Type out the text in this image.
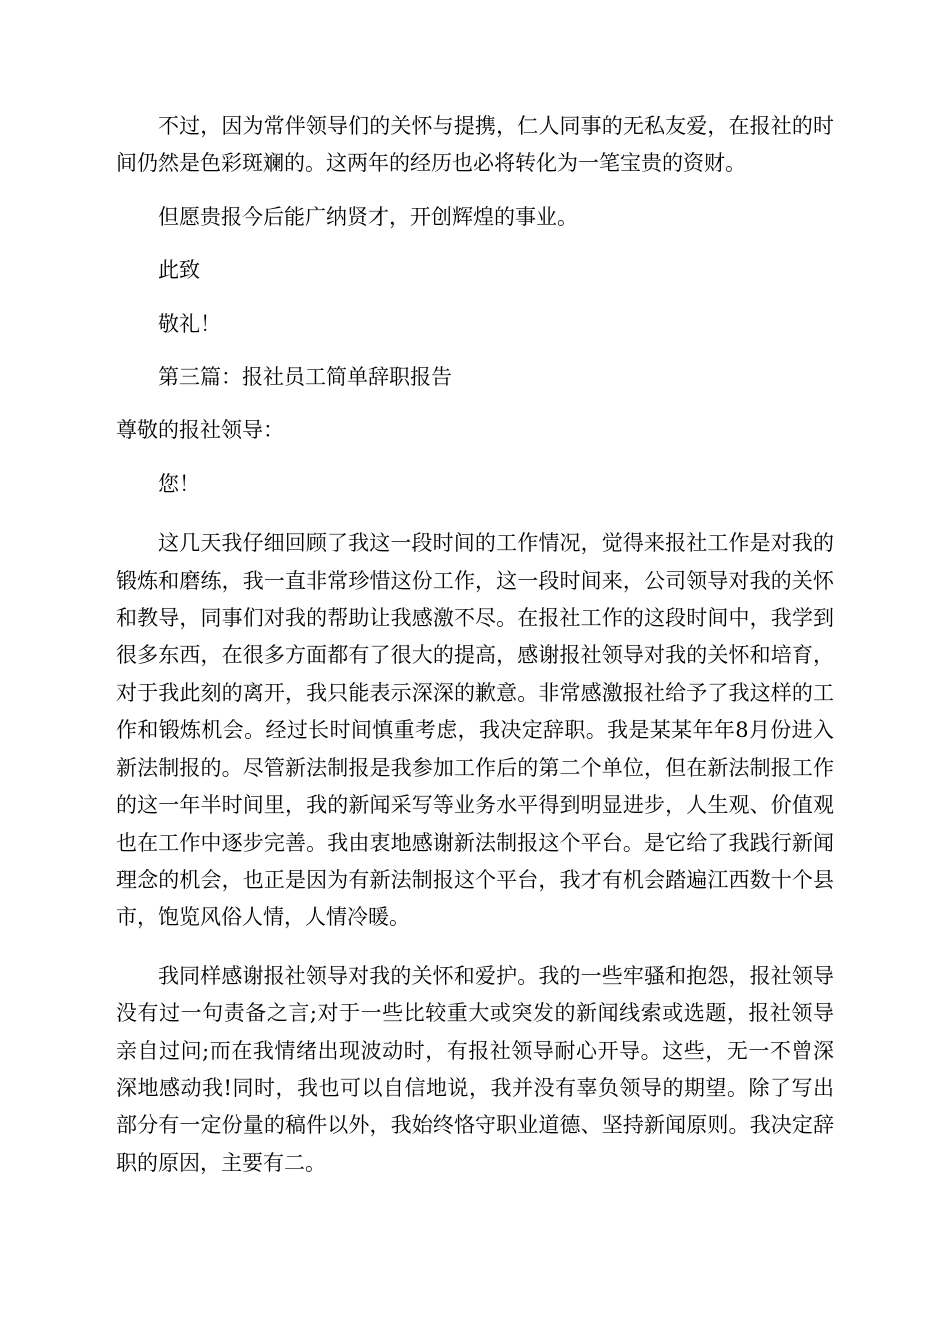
不过，因为常伴领导们的关怀与提携，仁人同事的无私友爱，在报社的时间仍然是色彩斑斓的。这两年的经历也必将转化为一笔宝贵的资财。

但愿贵报今后能广纳贤才，开创辉煌的事业。

此致

敬礼！

第三篇：报社员工简单辞职报告

尊敬的报社领导：

您！

这几天我仔细回顾了我这一段时间的工作情况，觉得来报社工作是对我的锻炼和磨练，我一直非常珍惜这份工作，这一段时间来，公司领导对我的关怀和教导，同事们对我的帮助让我感激不尽。在报社工作的这段时间中，我学到很多东西，在很多方面都有了很大的提高，感谢报社领导对我的关怀和培育，对于我此刻的离开，我只能表示深深的歉意。非常感激报社给予了我这样的工作和锻炼机会。经过长时间慎重考虑，我决定辞职。我是某某年年8月份进入新法制报的。尽管新法制报是我参加工作后的第二个单位，但在新法制报工作的这一年半时间里，我的新闻采写等业务水平得到明显进步，人生观、价值观也在工作中逐步完善。我由衷地感谢新法制报这个平台。是它给了我践行新闻理念的机会，也正是因为有新法制报这个平台，我才有机会踏遍江西数十个县市，饱览风俗人情，人情冷暖。

我同样感谢报社领导对我的关怀和爱护。我的一些牢骚和抱怨，报社领导没有过一句责备之言;对于一些比较重大或突发的新闻线索或选题，报社领导亲自过问;而在我情绪出现波动时，有报社领导耐心开导。这些，无一不曾深深地感动我!同时，我也可以自信地说，我并没有辜负领导的期望。除了写出部分有一定份量的稿件以外，我始终恪守职业道德、坚持新闻原则。我决定辞职的原因，主要有二。
